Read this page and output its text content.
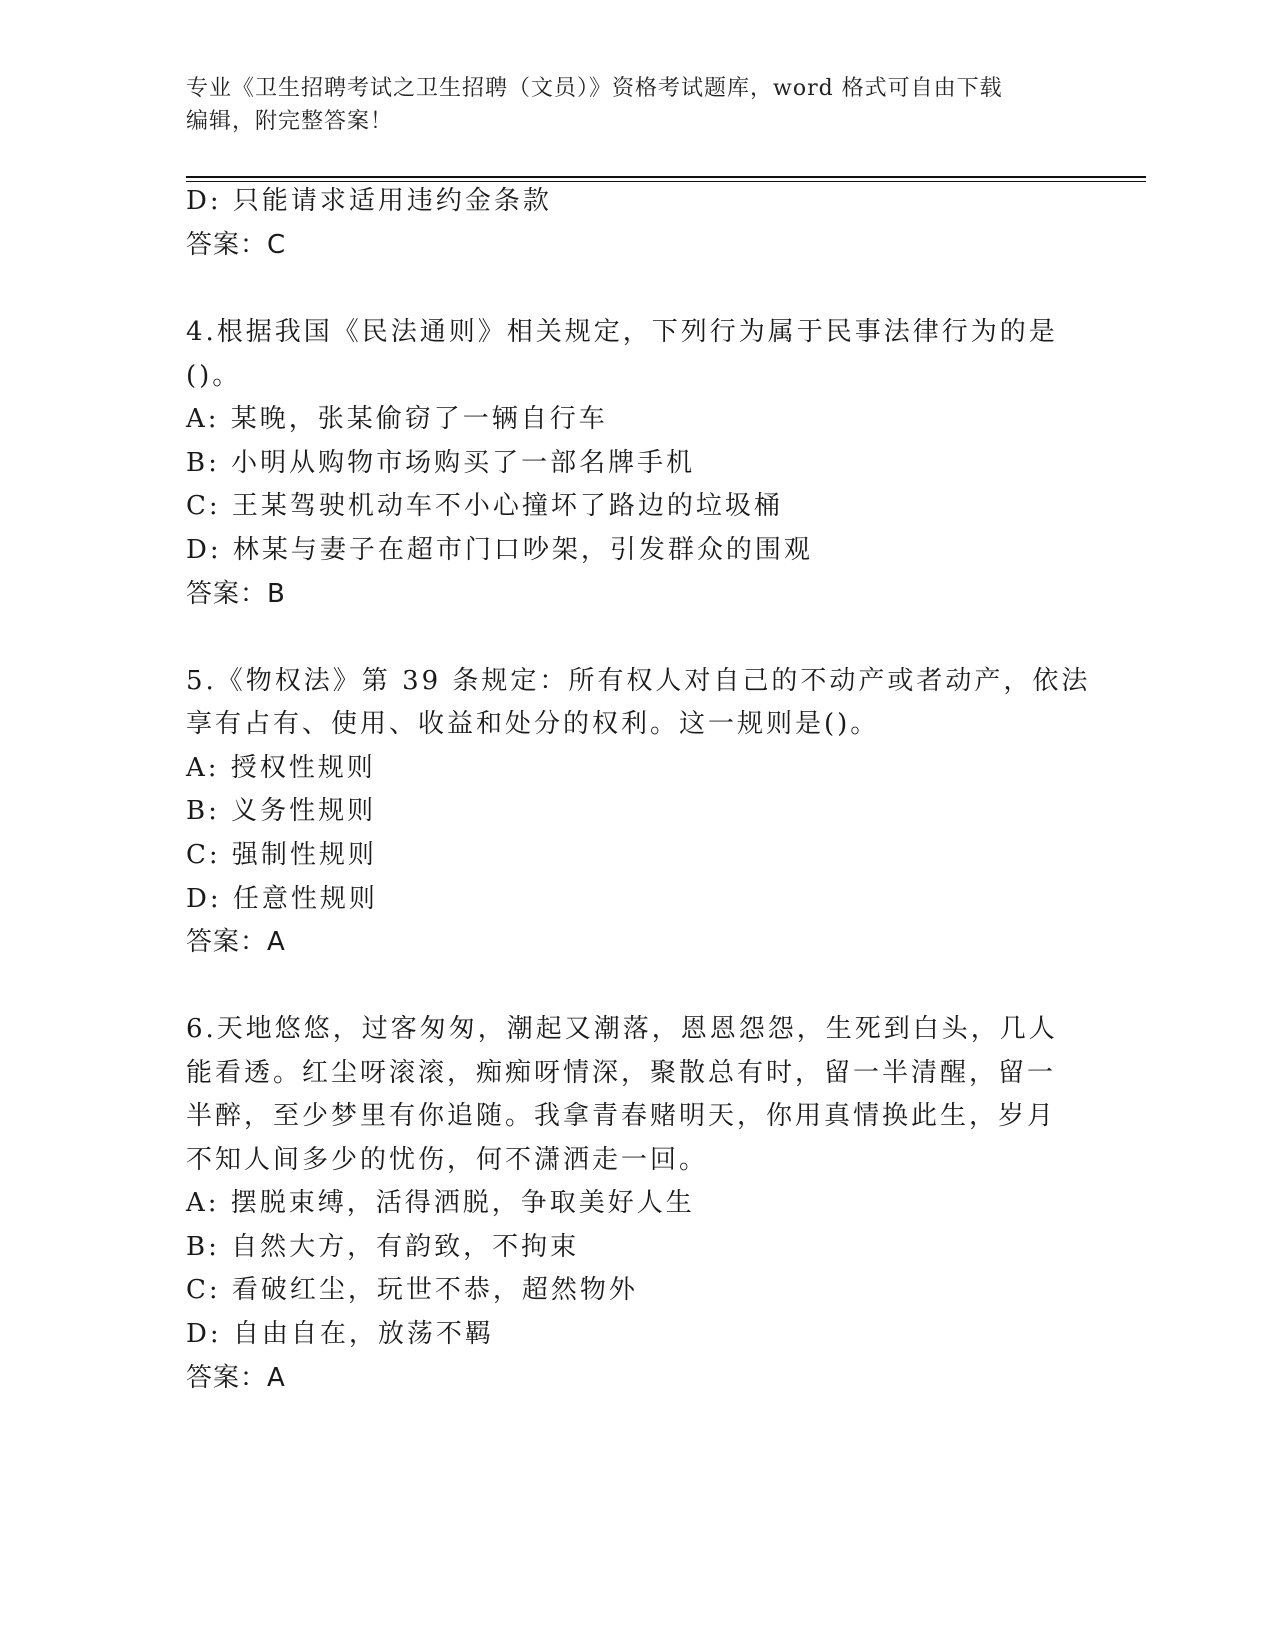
专业《卫生招聘考试之卫生招聘（文员）》资格考试题库，word 格式可自由下载
编辑，附完整答案！
D: 只能请求适用违约金条款
答案：C
4.根据我国《民法通则》相关规定，下列行为属于民事法律行为的是
()。
A: 某晚，张某偷窃了一辆自行车
B: 小明从购物市场购买了一部名牌手机
C: 王某驾驶机动车不小心撞坏了路边的垃圾桶
D: 林某与妻子在超市门口吵架，引发群众的围观
答案：B
5.《物权法》第 39 条规定：所有权人对自己的不动产或者动产，依法
享有占有、使用、收益和处分的权利。这一规则是()。
A: 授权性规则
B: 义务性规则
C: 强制性规则
D: 任意性规则
答案：A
6.天地悠悠，过客匆匆，潮起又潮落，恩恩怨怨，生死到白头，几人
能看透。红尘呀滚滚，痴痴呀情深，聚散总有时，留一半清醒，留一
半醉，至少梦里有你追随。我拿青春赌明天，你用真情换此生，岁月
不知人间多少的忧伤，何不潇洒走一回。
A: 摆脱束缚，活得洒脱，争取美好人生
B: 自然大方，有韵致，不拘束
C: 看破红尘，玩世不恭，超然物外
D: 自由自在，放荡不羁
答案：A
